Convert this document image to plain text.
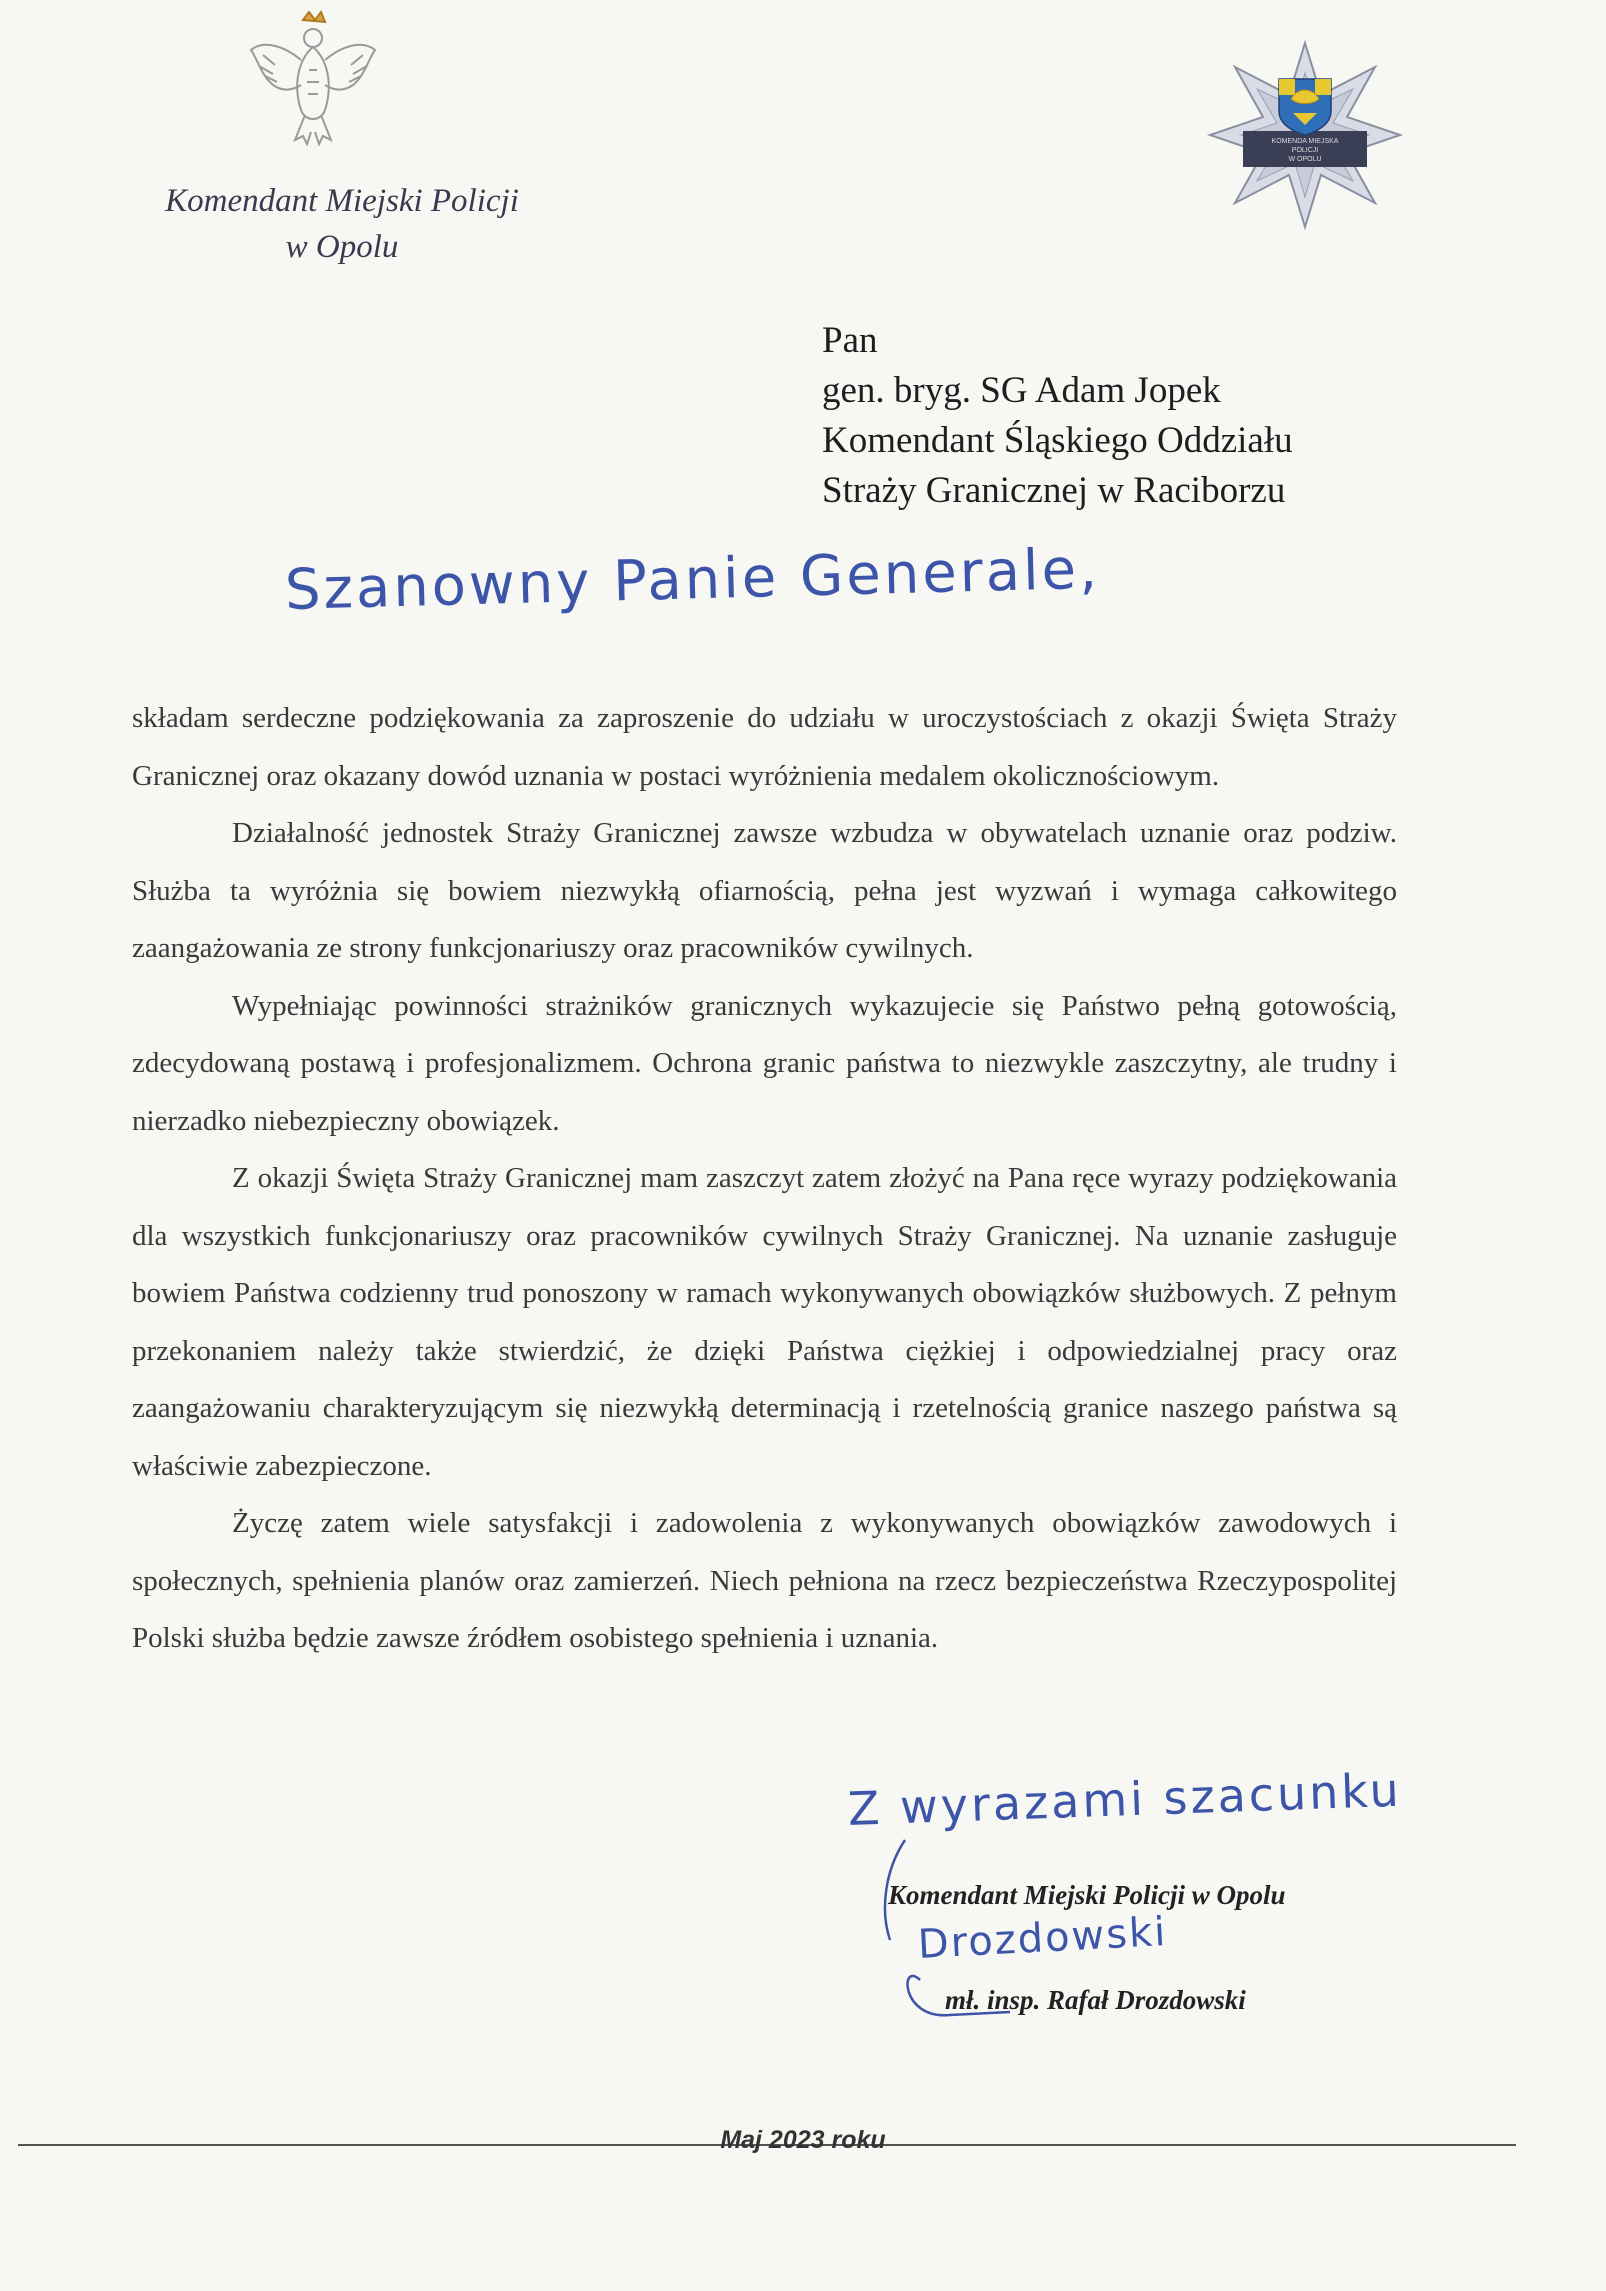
KOMENDA MIEJSKA
POLICJI
W OPOLU
Komendant Miejski Policji
w Opolu
Pan
gen. bryg. SG Adam Jopek
Komendant Śląskiego Oddziału
Straży Granicznej w Raciborzu
Szanowny Panie Generale,

składam serdeczne podziękowania za zaproszenie do udziału w uroczystościach z okazji Święta Straży Granicznej oraz okazany dowód uznania w postaci wyróżnienia medalem okolicznościowym.

Działalność jednostek Straży Granicznej zawsze wzbudza w obywatelach uznanie oraz podziw. Służba ta wyróżnia się bowiem niezwykłą ofiarnością, pełna jest wyzwań i wymaga całkowitego zaangażowania ze strony funkcjonariuszy oraz pracowników cywilnych.

Wypełniając powinności strażników granicznych wykazujecie się Państwo pełną gotowością, zdecydowaną postawą i profesjonalizmem. Ochrona granic państwa to niezwykle zaszczytny, ale trudny i nierzadko niebezpieczny obowiązek.

Z okazji Święta Straży Granicznej mam zaszczyt zatem złożyć na Pana ręce wyrazy podziękowania dla wszystkich funkcjonariuszy oraz pracowników cywilnych Straży Granicznej. Na uznanie zasługuje bowiem Państwa codzienny trud ponoszony w ramach wykonywanych obowiązków służbowych. Z pełnym przekonaniem należy także stwierdzić, że dzięki Państwa ciężkiej i odpowiedzialnej pracy oraz zaangażowaniu charakteryzującym się niezwykłą determinacją i rzetelnością granice naszego państwa są właściwie zabezpieczone.

Życzę zatem wiele satysfakcji i zadowolenia z wykonywanych obowiązków zawodowych i społecznych, spełnienia planów oraz zamierzeń. Niech pełniona na rzecz bezpieczeństwa Rzeczypospolitej Polski służba będzie zawsze źródłem osobistego spełnienia i uznania.

Z wyrazami szacunku
Komendant Miejski Policji w Opolu
Drozdowski
mł. insp. Rafał Drozdowski
Maj 2023 roku
